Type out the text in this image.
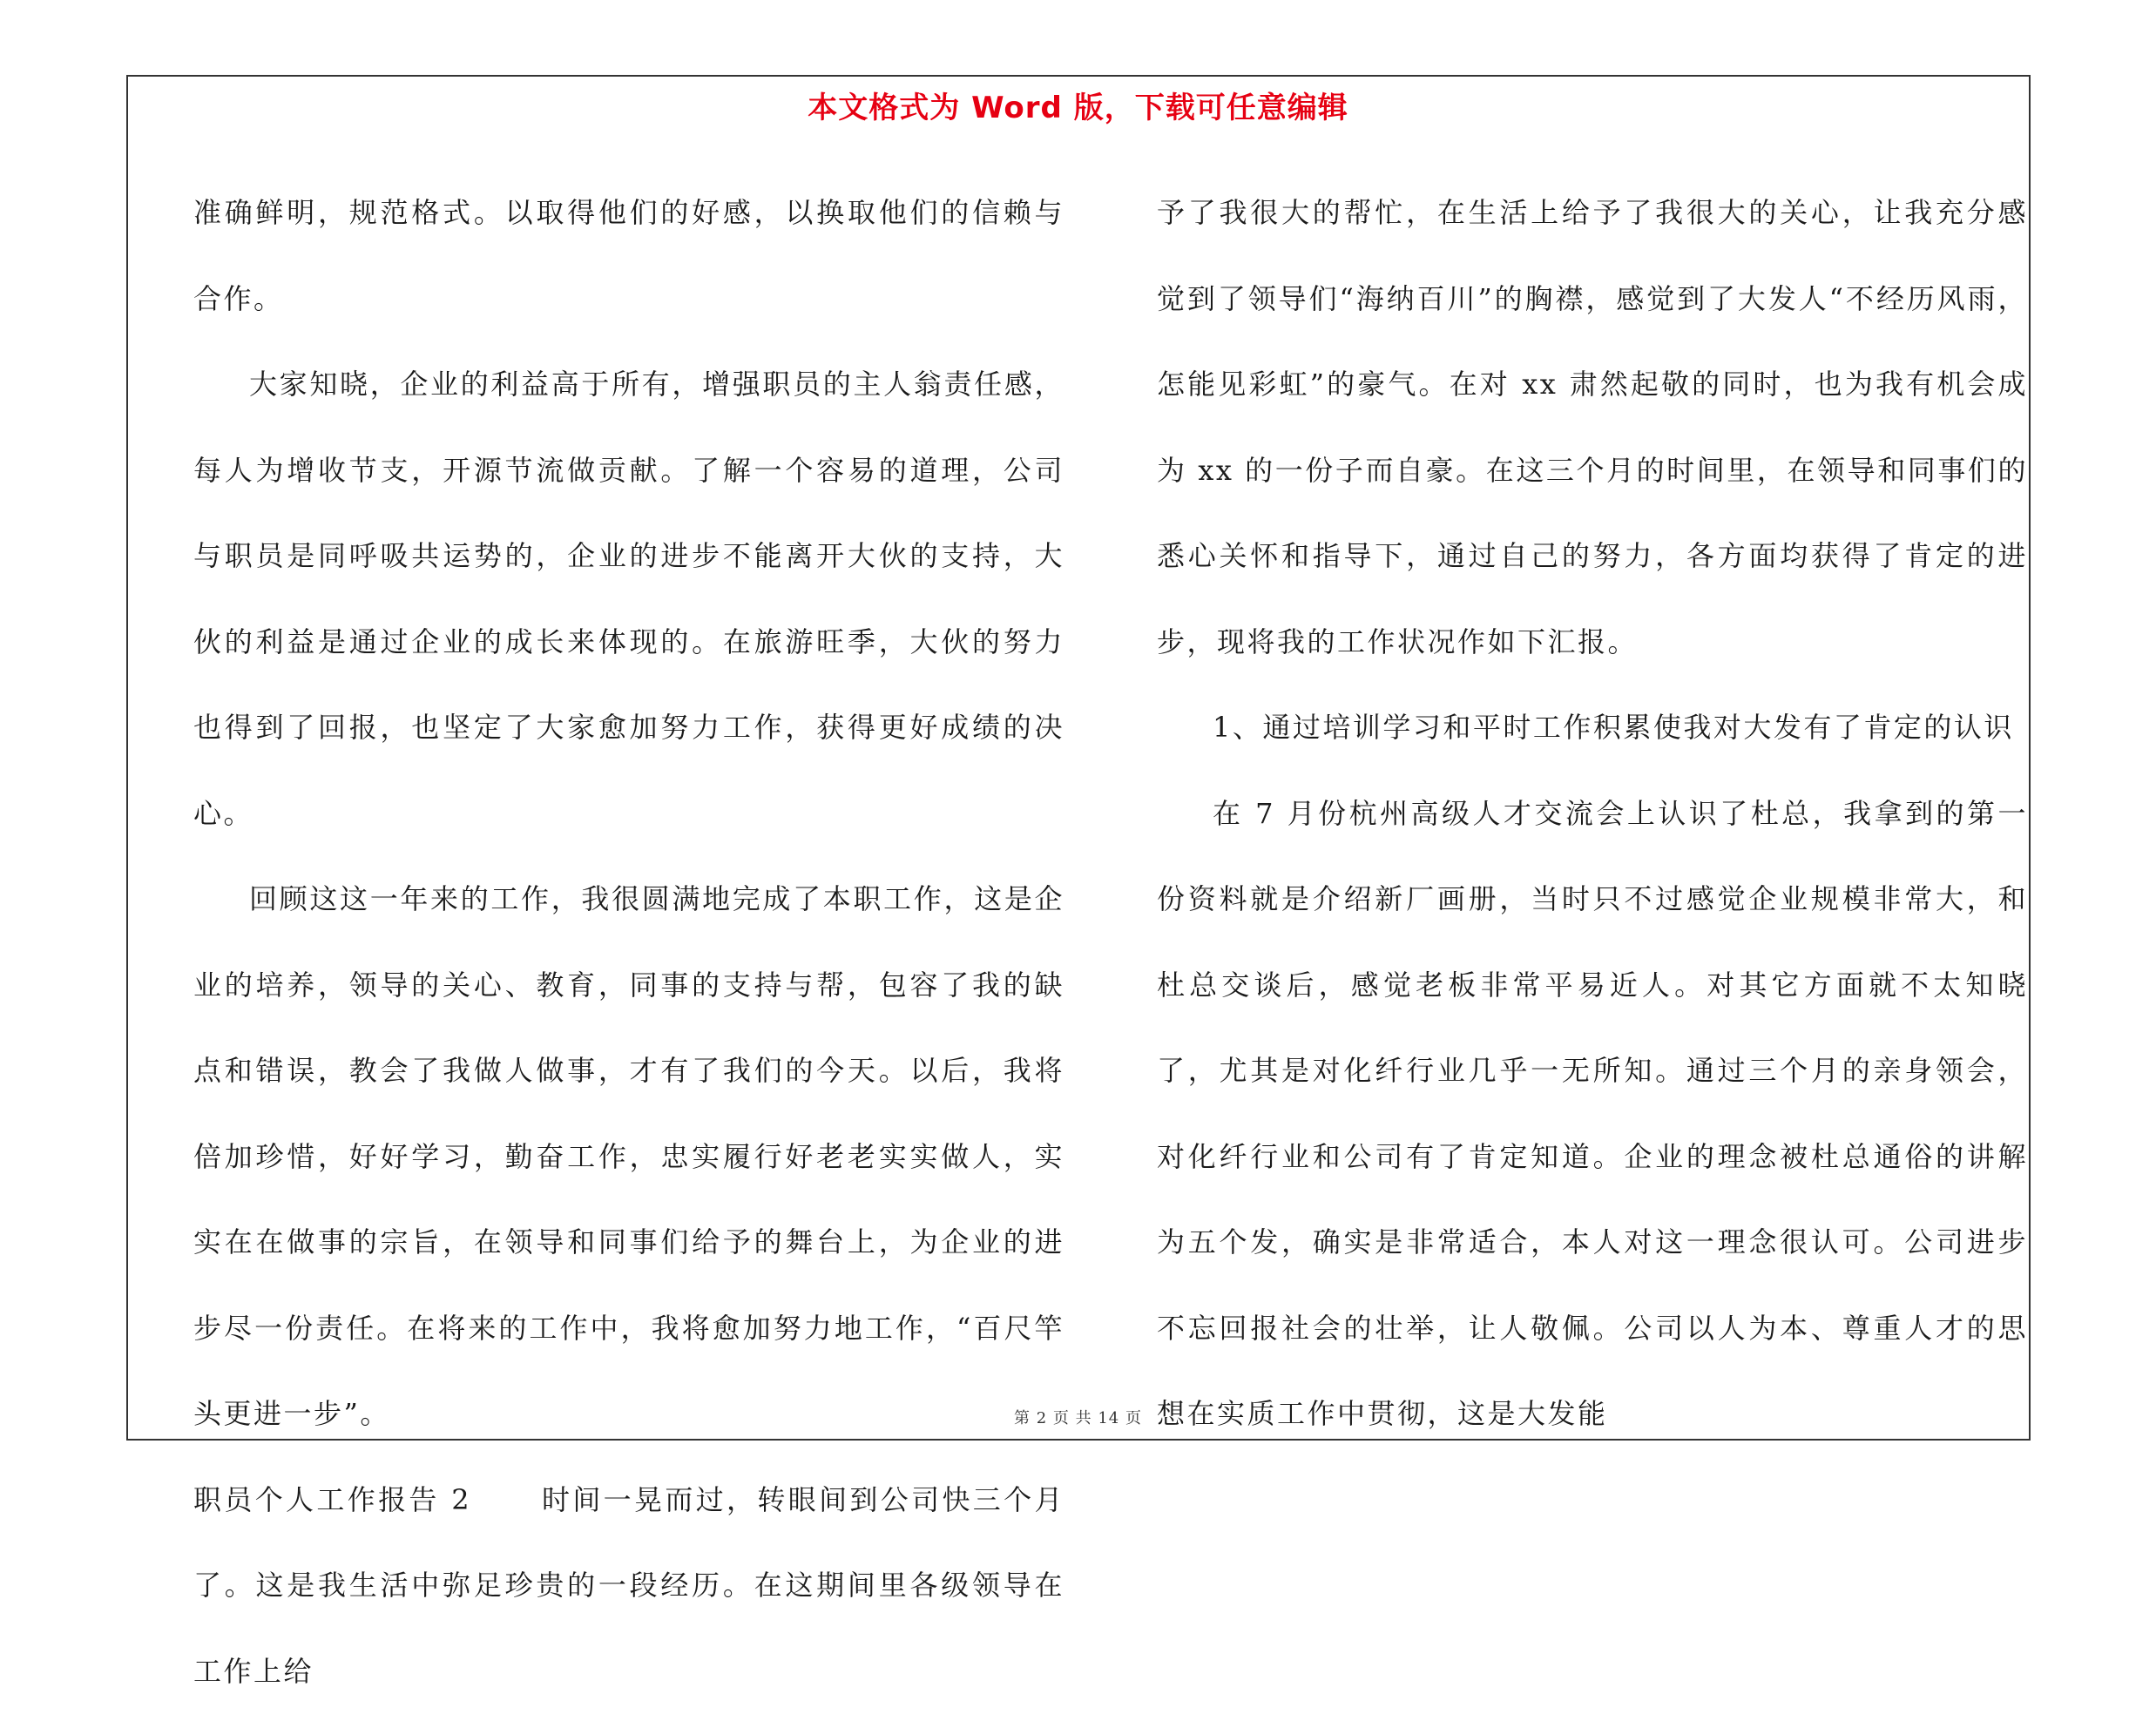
本文格式为 Word 版，下载可任意编辑

准确鲜明，规范格式。以取得他们的好感，以换取他们的信赖与合作。

大家知晓，企业的利益高于所有，增强职员的主人翁责任感，每人为增收节支，开源节流做贡献。了解一个容易的道理，公司与职员是同呼吸共运势的，企业的进步不能离开大伙的支持，大伙的利益是通过企业的成长来体现的。在旅游旺季，大伙的努力也得到了回报，也坚定了大家愈加努力工作，获得更好成绩的决心。

回顾这这一年来的工作，我很圆满地完成了本职工作，这是企业的培养，领导的关心、教育，同事的支持与帮，包容了我的缺点和错误，教会了我做人做事，才有了我们的今天。以后，我将倍加珍惜，好好学习，勤奋工作，忠实履行好老老实实做人，实实在在做事的宗旨，在领导和同事们给予的舞台上，为企业的进步尽一份责任。在将来的工作中，我将愈加努力地工作，“百尺竿头更进一步”。

职员个人工作报告 2	时间一晃而过，转眼间到公司快三个月了。这是我生活中弥足珍贵的一段经历。在这期间里各级领导在工作上给

予了我很大的帮忙，在生活上给予了我很大的关心，让我充分感觉到了领导们“海纳百川”的胸襟，感觉到了大发人“不经历风雨，怎能见彩虹”的豪气。在对 xx 肃然起敬的同时，也为我有机会成为 xx 的一份子而自豪。在这三个月的时间里，在领导和同事们的悉心关怀和指导下，通过自己的努力，各方面均获得了肯定的进步，现将我的工作状况作如下汇报。

1、通过培训学习和平时工作积累使我对大发有了肯定的认识

在 7 月份杭州高级人才交流会上认识了杜总，我拿到的第一份资料就是介绍新厂画册，当时只不过感觉企业规模非常大，和杜总交谈后，感觉老板非常平易近人。对其它方面就不太知晓了，尤其是对化纤行业几乎一无所知。通过三个月的亲身领会，对化纤行业和公司有了肯定知道。企业的理念被杜总通俗的讲解为五个发，确实是非常适合，本人对这一理念很认可。公司进步不忘回报社会的壮举，让人敬佩。公司以人为本、尊重人才的思想在实质工作中贯彻，这是大发能

第 2 页 共 14 页
